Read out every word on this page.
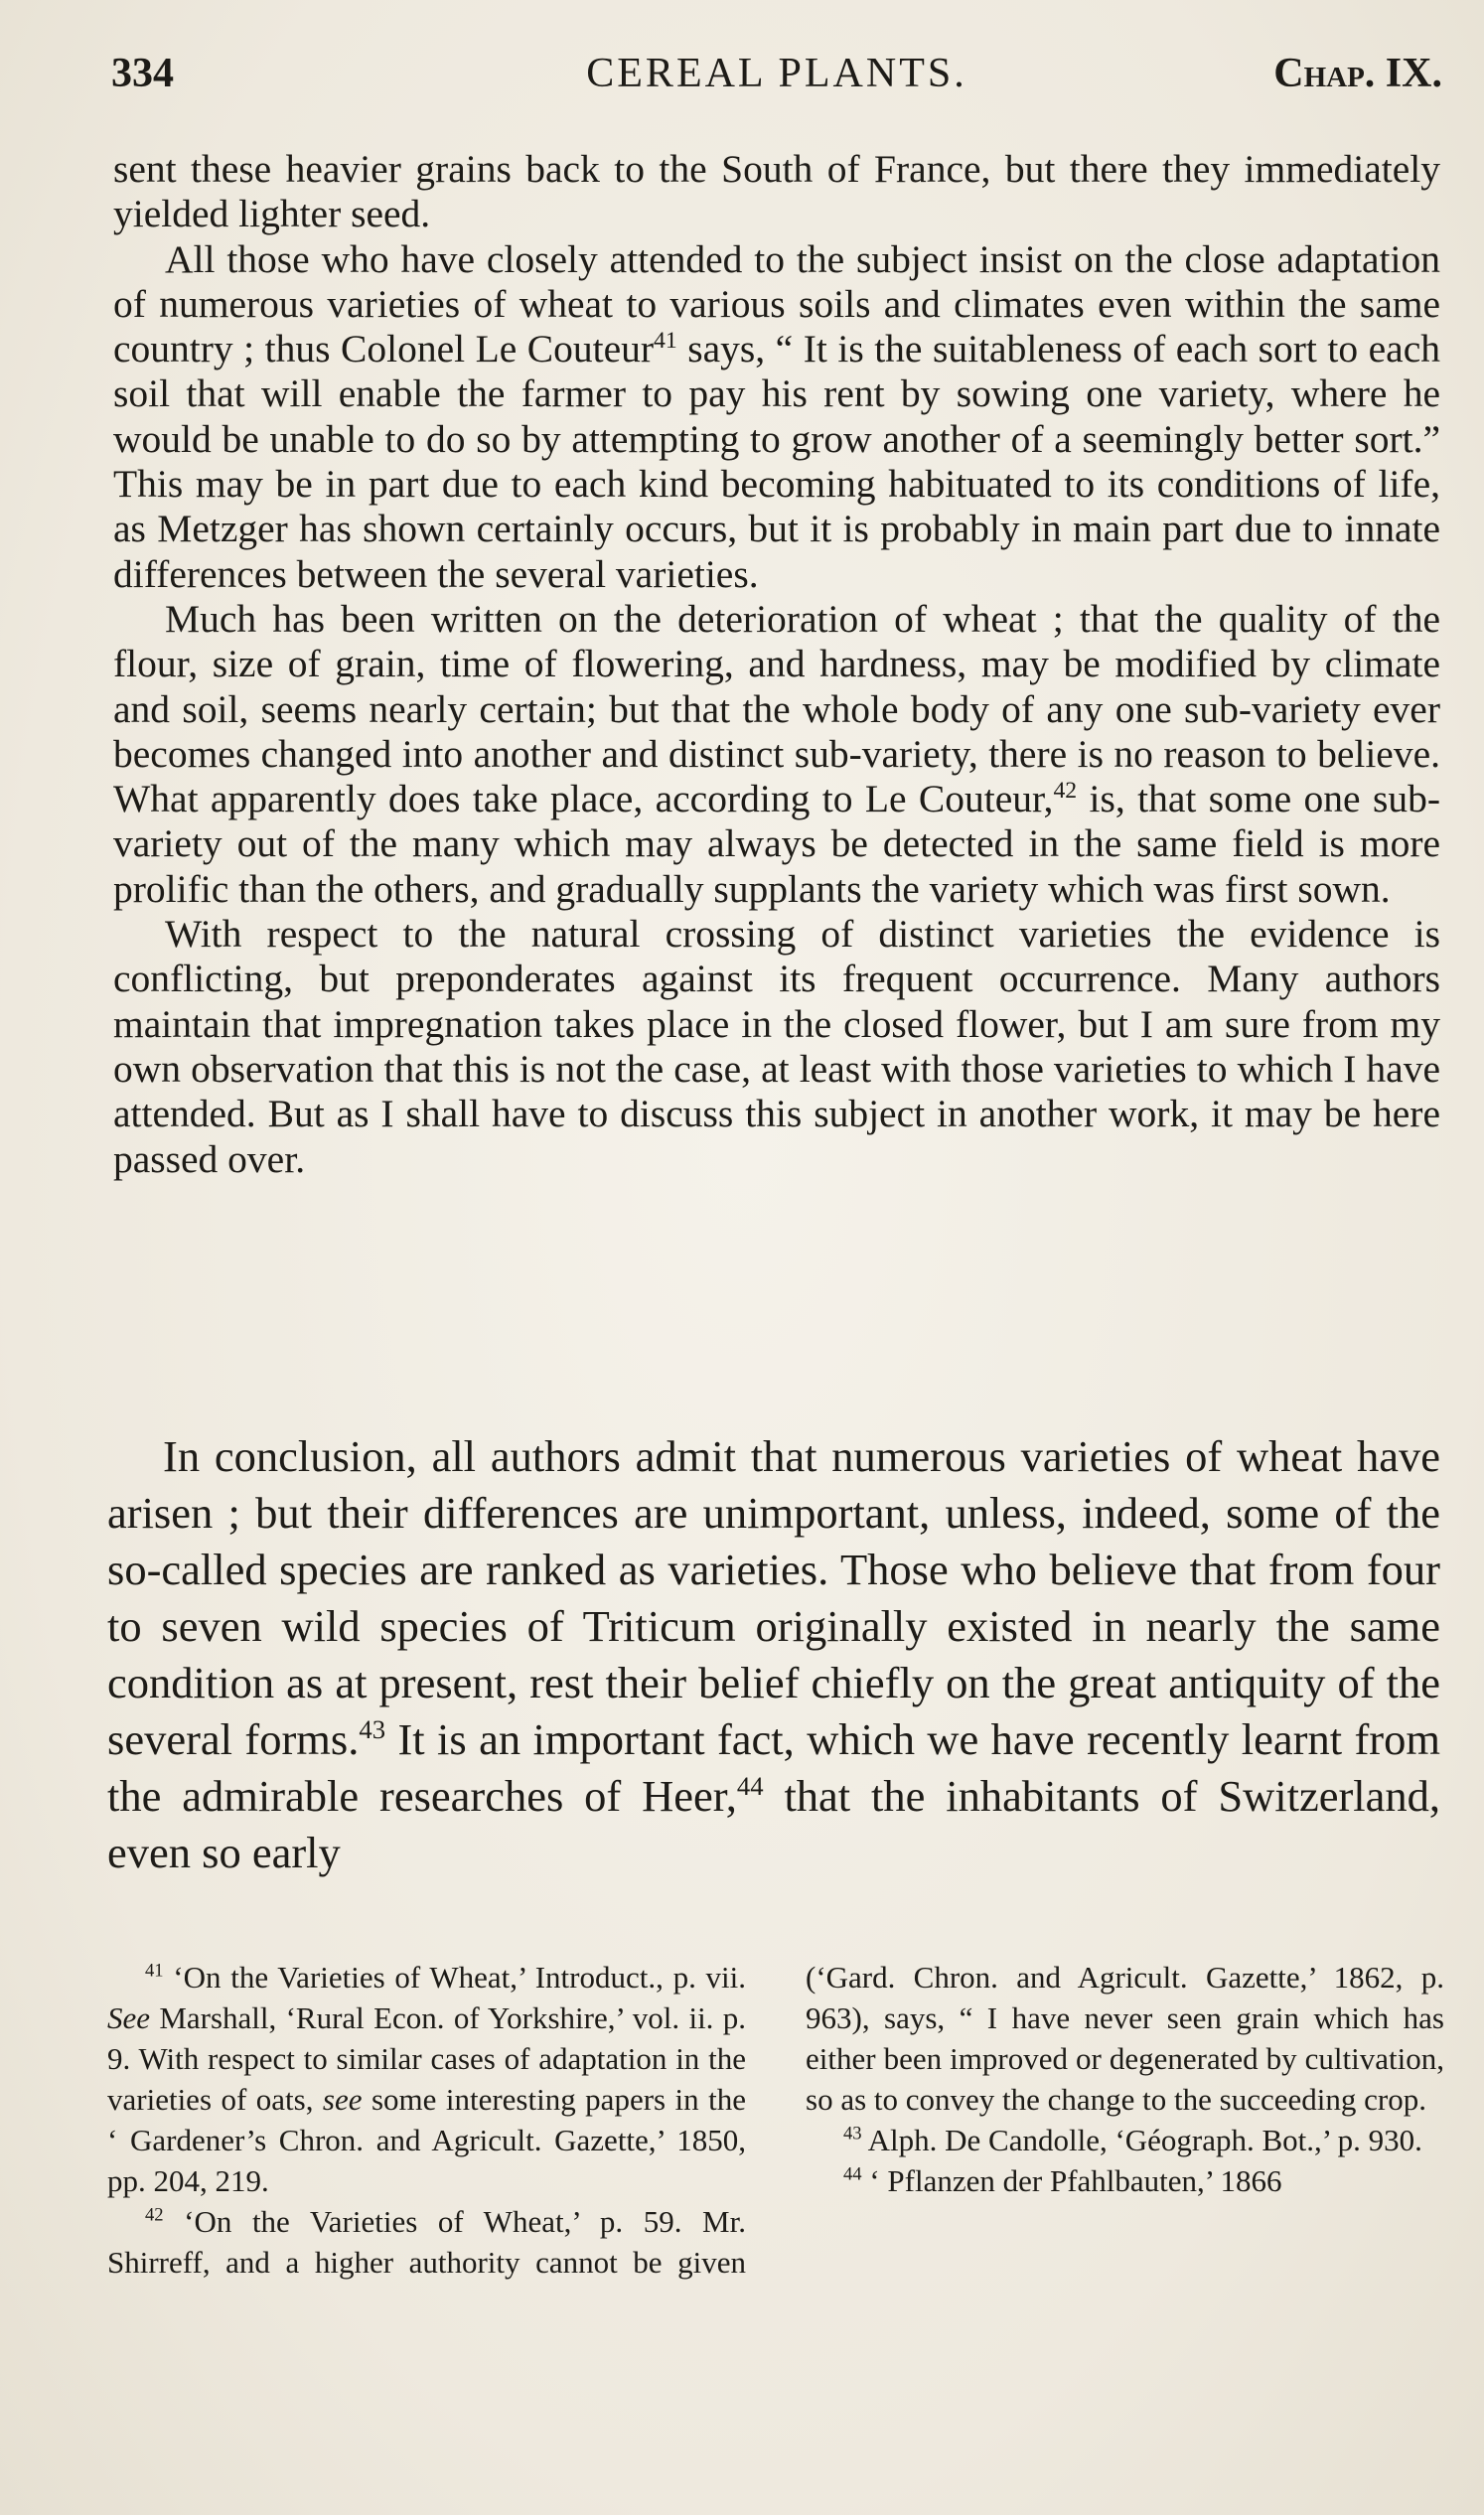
334	CEREAL PLANTS.	Chap. IX.

sent these heavier grains back to the South of France, but there they immediately yielded lighter seed.

All those who have closely attended to the subject insist on the close adaptation of numerous varieties of wheat to various soils and climates even within the same country ; thus Colonel Le Couteur$^{41}$ says, “ It is the suitableness of each sort to each soil that will enable the farmer to pay his rent by sowing one variety, where he would be unable to do so by attempting to grow another of a seemingly better sort.” This may be in part due to each kind becoming habituated to its conditions of life, as Metzger has shown certainly occurs, but it is probably in main part due to innate differences between the several varieties.

Much has been written on the deterioration of wheat ; that the quality of the flour, size of grain, time of flowering, and hardness, may be modified by climate and soil, seems nearly certain; but that the whole body of any one sub-variety ever becomes changed into another and distinct sub-variety, there is no reason to believe. What apparently does take place, according to Le Couteur,$^{42}$ is, that some one sub-variety out of the many which may always be detected in the same field is more prolific than the others, and gradually supplants the variety which was first sown.

With respect to the natural crossing of distinct varieties the evidence is conflicting, but preponderates against its frequent occurrence. Many authors maintain that impregnation takes place in the closed flower, but I am sure from my own observation that this is not the case, at least with those varieties to which I have attended. But as I shall have to discuss this subject in another work, it may be here passed over.

In conclusion, all authors admit that numerous varieties of wheat have arisen ; but their differences are unimportant, unless, indeed, some of the so-called species are ranked as varieties. Those who believe that from four to seven wild species of Triticum originally existed in nearly the same condition as at present, rest their belief chiefly on the great antiquity of the several forms.$^{43}$ It is an important fact, which we have recently learnt from the admirable researches of Heer,$^{44}$ that the inhabitants of Switzerland, even so early

$^{41}$ ‘On the Varieties of Wheat,’ Introduct., p. vii. See Marshall, ‘Rural Econ. of Yorkshire,’ vol. ii. p. 9. With respect to similar cases of adaptation in the varieties of oats, see some interesting papers in the ‘ Gardener’s Chron. and Agricult. Gazette,’ 1850, pp. 204, 219.

$^{42}$ ‘On the Varieties of Wheat,’ p. 59. Mr. Shirreff, and a higher authority cannot be given (‘Gard. Chron. and Agricult. Gazette,’ 1862, p. 963), says, “ I have never seen grain which has either been improved or degenerated by cultivation, so as to convey the change to the succeeding crop.

$^{43}$ Alph. De Candolle, ‘Géograph. Bot.,’ p. 930.

$^{44}$ ‘ Pflanzen der Pfahlbauten,’ 1866
